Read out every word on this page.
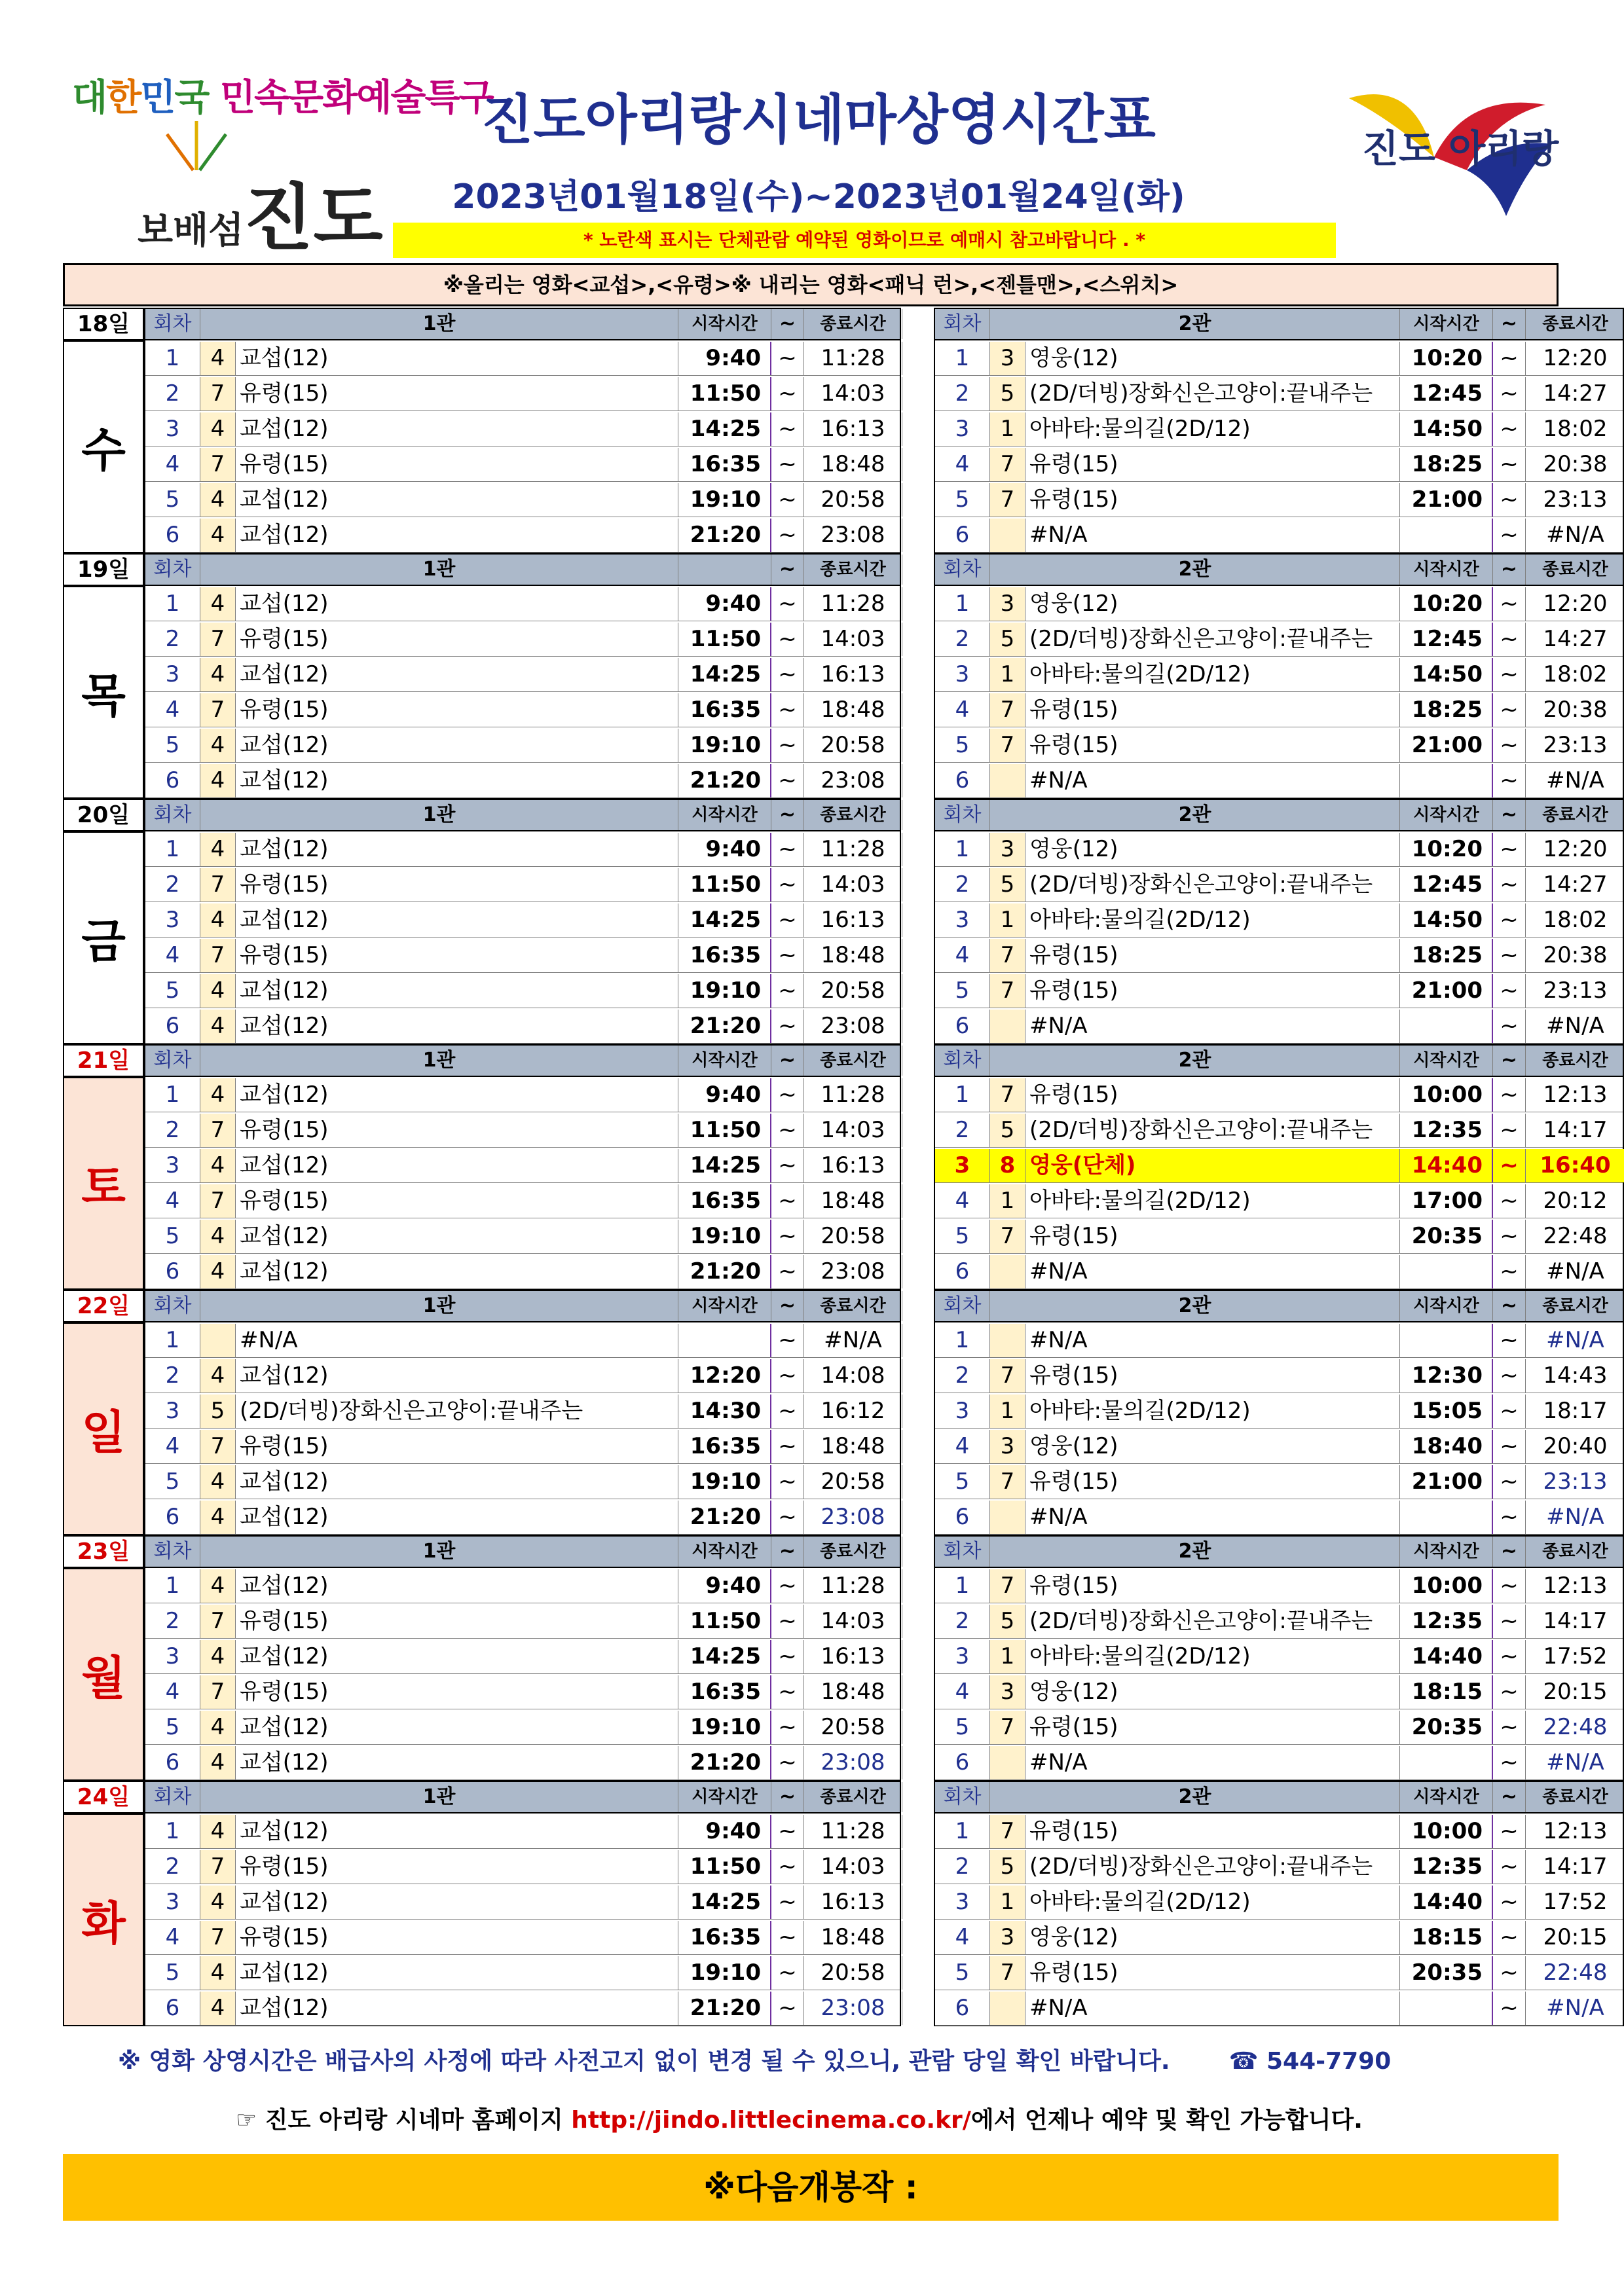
대한민국 민속문화예술특구
보배섬진도
진도아리랑시네마상영시간표
2023년01월18일(수)~2023년01월24일(화)
* 노란색 표시는 단체관람 예약된 영화이므로 예매시 참고바랍니다 . *
진도 아리랑
※올리는 영화<교섭>,<유령>※ 내리는 영화<패닉 런>,<젠틀맨>,<스위치>
18일
수
회차	1관	시작시간	~	종료시간
1	4 교섭(12)	9:40 ~	11:28
2	7 유령(15)	11:50 ~	14:03
3	4 교섭(12)	14:25 ~	16:13
4	7 유령(15)	16:35 ~	18:48
5	4 교섭(12)	19:10 ~	20:58
6	4 교섭(12)	21:20 ~	23:08
회차	2관	시작시간	~	종료시간
1	3 영웅(12)	10:20 ~	12:20
2	5 (2D/더빙)장화신은고양이:끝내주는	12:45 ~	14:27
3	1 아바타:물의길(2D/12)	14:50 ~	18:02
4	7 유령(15)	18:25 ~	20:38
5	7 유령(15)	21:00 ~	23:13
6	#N/A	~	#N/A
19일
목
회차	1관	~	종료시간
1	4 교섭(12)	9:40 ~	11:28
2	7 유령(15)	11:50 ~	14:03
3	4 교섭(12)	14:25 ~	16:13
4	7 유령(15)	16:35 ~	18:48
5	4 교섭(12)	19:10 ~	20:58
6	4 교섭(12)	21:20 ~	23:08
회차	2관	시작시간	~	종료시간
1	3 영웅(12)	10:20 ~	12:20
2	5 (2D/더빙)장화신은고양이:끝내주는	12:45 ~	14:27
3	1 아바타:물의길(2D/12)	14:50 ~	18:02
4	7 유령(15)	18:25 ~	20:38
5	7 유령(15)	21:00 ~	23:13
6	#N/A	~	#N/A
20일
금
회차	1관	시작시간	~	종료시간
1	4 교섭(12)	9:40 ~	11:28
2	7 유령(15)	11:50 ~	14:03
3	4 교섭(12)	14:25 ~	16:13
4	7 유령(15)	16:35 ~	18:48
5	4 교섭(12)	19:10 ~	20:58
6	4 교섭(12)	21:20 ~	23:08
회차	2관	시작시간	~	종료시간
1	3 영웅(12)	10:20 ~	12:20
2	5 (2D/더빙)장화신은고양이:끝내주는	12:45 ~	14:27
3	1 아바타:물의길(2D/12)	14:50 ~	18:02
4	7 유령(15)	18:25 ~	20:38
5	7 유령(15)	21:00 ~	23:13
6	#N/A	~	#N/A
21일
토
회차	1관	시작시간	~	종료시간
1	4 교섭(12)	9:40 ~	11:28
2	7 유령(15)	11:50 ~	14:03
3	4 교섭(12)	14:25 ~	16:13
4	7 유령(15)	16:35 ~	18:48
5	4 교섭(12)	19:10 ~	20:58
6	4 교섭(12)	21:20 ~	23:08
회차	2관	시작시간	~	종료시간
1	7 유령(15)	10:00 ~	12:13
2	5 (2D/더빙)장화신은고양이:끝내주는	12:35 ~	14:17
3	8 영웅(단체)	14:40 ~ 16:40
4	1 아바타:물의길(2D/12)	17:00 ~	20:12
5	7 유령(15)	20:35 ~	22:48
6	#N/A	~	#N/A
22일
일
회차	1관	시작시간	~	종료시간
1	#N/A	~	#N/A
2	4 교섭(12)	12:20 ~	14:08
3	5 (2D/더빙)장화신은고양이:끝내주는	14:30 ~	16:12
4	7 유령(15)	16:35 ~	18:48
5	4 교섭(12)	19:10 ~	20:58
6	4 교섭(12)	21:20 ~	23:08
회차	2관	시작시간	~	종료시간
1	#N/A	~	#N/A
2	7 유령(15)	12:30 ~	14:43
3	1 아바타:물의길(2D/12)	15:05 ~	18:17
4	3 영웅(12)	18:40 ~	20:40
5	7 유령(15)	21:00 ~	23:13
6	#N/A	~	#N/A
23일
월
회차	1관	시작시간	~	종료시간
1	4 교섭(12)	9:40 ~	11:28
2	7 유령(15)	11:50 ~	14:03
3	4 교섭(12)	14:25 ~	16:13
4	7 유령(15)	16:35 ~	18:48
5	4 교섭(12)	19:10 ~	20:58
6	4 교섭(12)	21:20 ~	23:08
회차	2관	시작시간	~	종료시간
1	7 유령(15)	10:00 ~	12:13
2	5 (2D/더빙)장화신은고양이:끝내주는	12:35 ~	14:17
3	1 아바타:물의길(2D/12)	14:40 ~	17:52
4	3 영웅(12)	18:15 ~	20:15
5	7 유령(15)	20:35 ~	22:48
6	#N/A	~	#N/A
24일
화
회차	1관	시작시간	~	종료시간
1	4 교섭(12)	9:40 ~	11:28
2	7 유령(15)	11:50 ~	14:03
3	4 교섭(12)	14:25 ~	16:13
4	7 유령(15)	16:35 ~	18:48
5	4 교섭(12)	19:10 ~	20:58
6	4 교섭(12)	21:20 ~	23:08
회차	2관	시작시간	~	종료시간
1	7 유령(15)	10:00 ~	12:13
2	5 (2D/더빙)장화신은고양이:끝내주는	12:35 ~	14:17
3	1 아바타:물의길(2D/12)	14:40 ~	17:52
4	3 영웅(12)	18:15 ~	20:15
5	7 유령(15)	20:35 ~	22:48
6	#N/A	~	#N/A
※ 영화 상영시간은 배급사의 사정에 따라 사전고지 없이 변경 될 수 있으니, 관람 당일 확인 바랍니다.	☎ 544-7790
☞ 진도 아리랑 시네마 홈페이지 http://jindo.littlecinema.co.kr/에서 언제나 예약 및 확인 가능합니다.
※다음개봉작 :
